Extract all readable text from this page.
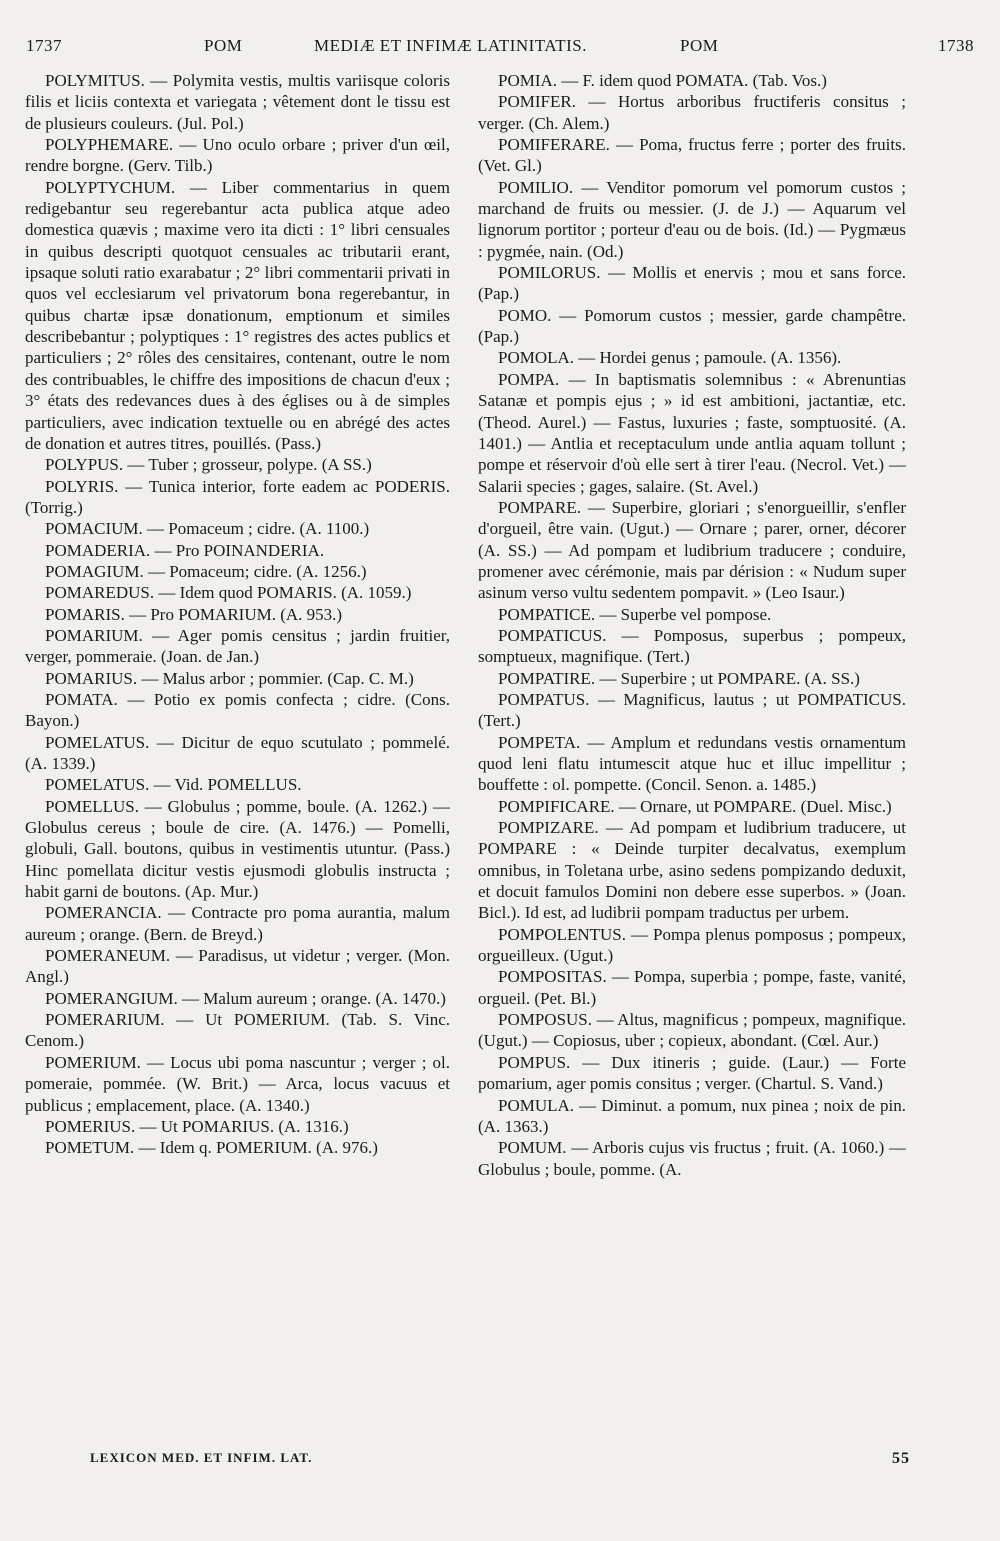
1737	POM	MEDIÆ ET INFIMÆ LATINITATIS.	POM	1738

POLYMITUS. — Polymita vestis, multis variisque coloris filis et liciis contexta et variegata ; vêtement dont le tissu est de plusieurs couleurs. (Jul. Pol.)

POLYPHEMARE. — Uno oculo orbare ; priver d'un œil, rendre borgne. (Gerv. Tilb.)

POLYPTYCHUM. — Liber commentarius in quem redigebantur seu regerebantur acta publica atque adeo domestica quævis ; maxime vero ita dicti : 1° libri censuales in quibus descripti quotquot censuales ac tributarii erant, ipsaque soluti ratio exarabatur ; 2° libri commentarii privati in quos vel ecclesiarum vel privatorum bona regerebantur, in quibus chartæ ipsæ donationum, emptionum et similes describebantur ; polyptiques : 1° registres des actes publics et particuliers ; 2° rôles des censitaires, contenant, outre le nom des contribuables, le chiffre des impositions de chacun d'eux ; 3° états des redevances dues à des églises ou à de simples particuliers, avec indication textuelle ou en abrégé des actes de donation et autres titres, pouillés. (Pass.)

POLYPUS. — Tuber ; grosseur, polype. (A SS.)

POLYRIS. — Tunica interior, forte eadem ac PODERIS. (Torrig.)

POMACIUM. — Pomaceum ; cidre. (A. 1100.)

POMADERIA. — Pro POINANDERIA.

POMAGIUM. — Pomaceum; cidre. (A. 1256.)

POMAREDUS. — Idem quod POMARIS. (A. 1059.)

POMARIS. — Pro POMARIUM. (A. 953.)

POMARIUM. — Ager pomis censitus ; jardin fruitier, verger, pommeraie. (Joan. de Jan.)

POMARIUS. — Malus arbor ; pommier. (Cap. C. M.)

POMATA. — Potio ex pomis confecta ; cidre. (Cons. Bayon.)

POMELATUS. — Dicitur de equo scutulato ; pommelé. (A. 1339.)

POMELATUS. — Vid. POMELLUS.

POMELLUS. — Globulus ; pomme, boule. (A. 1262.) — Globulus cereus ; boule de cire. (A. 1476.) — Pomelli, globuli, Gall. boutons, quibus in vestimentis utuntur. (Pass.) Hinc pomellata dicitur vestis ejusmodi globulis instructa ; habit garni de boutons. (Ap. Mur.)

POMERANCIA. — Contracte pro poma aurantia, malum aureum ; orange. (Bern. de Breyd.)

POMERANEUM. — Paradisus, ut videtur ; verger. (Mon. Angl.)

POMERANGIUM. — Malum aureum ; orange. (A. 1470.)

POMERARIUM. — Ut POMERIUM. (Tab. S. Vinc. Cenom.)

POMERIUM. — Locus ubi poma nascuntur ; verger ; ol. pomeraie, pommée. (W. Brit.) — Arca, locus vacuus et publicus ; emplacement, place. (A. 1340.)

POMERIUS. — Ut POMARIUS. (A. 1316.)

POMETUM. — Idem q. POMERIUM. (A. 976.)

POMIA. — F. idem quod POMATA. (Tab. Vos.)

POMIFER. — Hortus arboribus fructiferis consitus ; verger. (Ch. Alem.)

POMIFERARE. — Poma, fructus ferre ; porter des fruits. (Vet. Gl.)

POMILIO. — Venditor pomorum vel pomorum custos ; marchand de fruits ou messier. (J. de J.) — Aquarum vel lignorum portitor ; porteur d'eau ou de bois. (Id.) — Pygmæus : pygmée, nain. (Od.)

POMILORUS. — Mollis et enervis ; mou et sans force. (Pap.)

POMO. — Pomorum custos ; messier, garde champêtre. (Pap.)

POMOLA. — Hordei genus ; pamoule. (A. 1356).

POMPA. — In baptismatis solemnibus : « Abrenuntias Satanæ et pompis ejus ; » id est ambitioni, jactantiæ, etc. (Theod. Aurel.) — Fastus, luxuries ; faste, somptuosité. (A. 1401.) — Antlia et receptaculum unde antlia aquam tollunt ; pompe et réservoir d'où elle sert à tirer l'eau. (Necrol. Vet.) — Salarii species ; gages, salaire. (St. Avel.)

POMPARE. — Superbire, gloriari ; s'enorgueillir, s'enfler d'orgueil, être vain. (Ugut.) — Ornare ; parer, orner, décorer (A. SS.) — Ad pompam et ludibrium traducere ; conduire, promener avec cérémonie, mais par dérision : « Nudum super asinum verso vultu sedentem pompavit. » (Leo Isaur.)

POMPATICE. — Superbe vel pompose.

POMPATICUS. — Pomposus, superbus ; pompeux, somptueux, magnifique. (Tert.)

POMPATIRE. — Superbire ; ut POMPARE. (A. SS.)

POMPATUS. — Magnificus, lautus ; ut POMPATICUS. (Tert.)

POMPETA. — Amplum et redundans vestis ornamentum quod leni flatu intumescit atque huc et illuc impellitur ; bouffette : ol. pompette. (Concil. Senon. a. 1485.)

POMPIFICARE. — Ornare, ut POMPARE. (Duel. Misc.)

POMPIZARE. — Ad pompam et ludibrium traducere, ut POMPARE : « Deinde turpiter decalvatus, exemplum omnibus, in Toletana urbe, asino sedens pompizando deduxit, et docuit famulos Domini non debere esse superbos. » (Joan. Bicl.). Id est, ad ludibrii pompam traductus per urbem.

POMPOLENTUS. — Pompa plenus pomposus ; pompeux, orgueilleux. (Ugut.)

POMPOSITAS. — Pompa, superbia ; pompe, faste, vanité, orgueil. (Pet. Bl.)

POMPOSUS. — Altus, magnificus ; pompeux, magnifique. (Ugut.) — Copiosus, uber ; copieux, abondant. (Cœl. Aur.)

POMPUS. — Dux itineris ; guide. (Laur.) — Forte pomarium, ager pomis consitus ; verger. (Chartul. S. Vand.)

POMULA. — Diminut. a pomum, nux pinea ; noix de pin. (A. 1363.)

POMUM. — Arboris cujus vis fructus ; fruit. (A. 1060.) — Globulus ; boule, pomme. (A.

LEXICON MED. ET INFIM. LAT.	55
